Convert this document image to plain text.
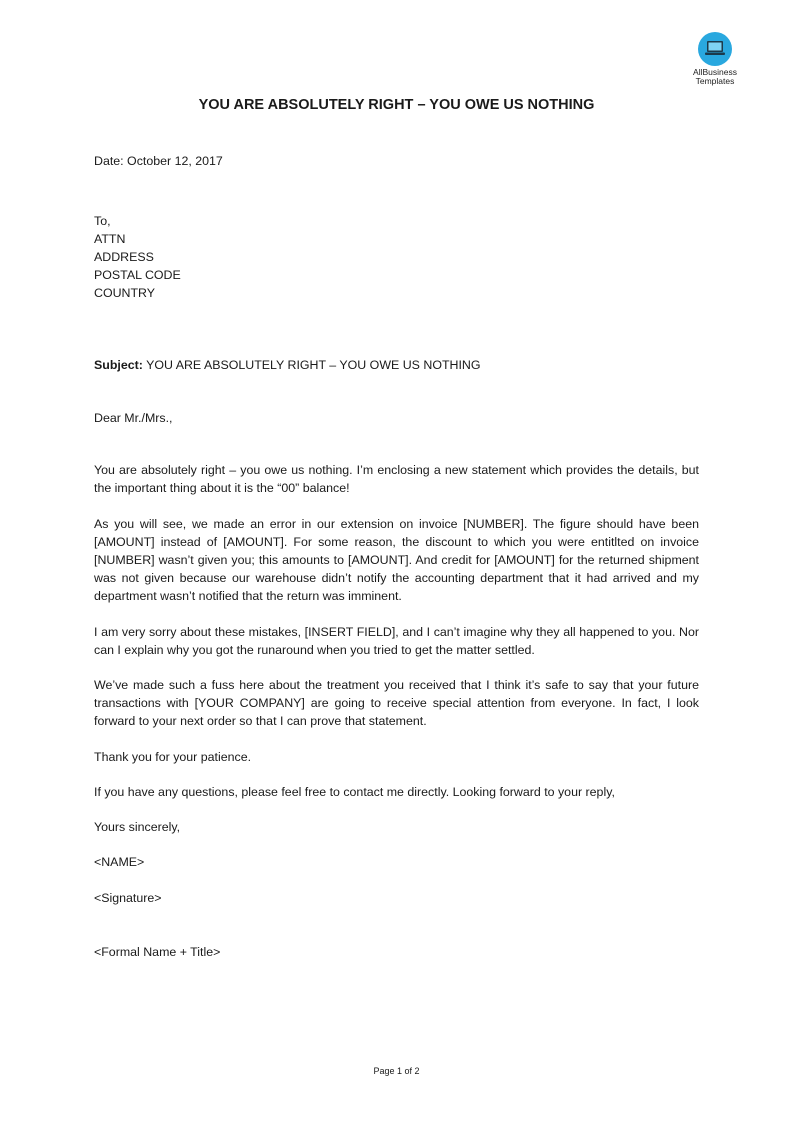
AllBusiness
Templates
YOU ARE ABSOLUTELY RIGHT – YOU OWE US NOTHING
Date: October 12, 2017
To,
ATTN
ADDRESS
POSTAL CODE
COUNTRY
Subject: YOU ARE ABSOLUTELY RIGHT – YOU OWE US NOTHING
Dear Mr./Mrs.,
You are absolutely right – you owe us nothing. I’m enclosing a new statement which provides the details, but the important thing about it is the “00” balance!
As you will see, we made an error in our extension on invoice [NUMBER]. The figure should have been [AMOUNT] instead of [AMOUNT]. For some reason, the discount to which you were entitlted on invoice [NUMBER] wasn’t given you; this amounts to [AMOUNT]. And credit for [AMOUNT] for the returned shipment was not given because our warehouse didn’t notify the accounting department that it had arrived and my department wasn’t notified that the return was imminent.
I am very sorry about these mistakes, [INSERT FIELD], and I can’t imagine why they all happened to you. Nor can I explain why you got the runaround when you tried to get the matter settled.
We’ve made such a fuss here about the treatment you received that I think it’s safe to say that your future transactions with [YOUR COMPANY] are going to receive special attention from everyone. In fact, I look forward to your next order so that I can prove that statement.
Thank you for your patience.
If you have any questions, please feel free to contact me directly. Looking forward to your reply,
Yours sincerely,
<NAME>
<Signature>
<Formal Name + Title>
Page 1 of 2
